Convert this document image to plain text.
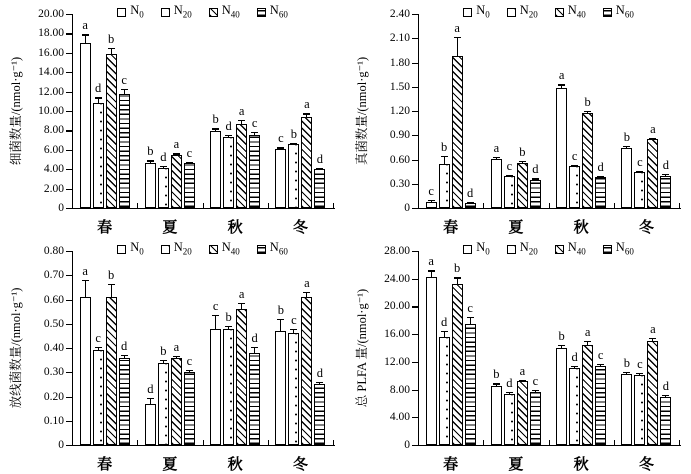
0
2.00
4.00
6.00
8.00
10.00
12.00
14.00
16.00
18.00
20.00
细菌数量/(nmol·g⁻¹)
$N_0$ $N_{20}$ $N_{40}$ $N_{60}$
a
d
b
c
春
b d
a
c
夏
b d
a
c
秋
c b
a
d
冬
0
0.30
0.60
0.90
1.20
1.50
1.80
2.10
2.40
真菌数量/(nmol·g⁻¹)
$N_0$ $N_{20}$ $N_{40}$ $N_{60}$
c
b
a
d
春
a
c
b
d
夏
a
c
b
d
秋
b
c
a
d
冬
0
0.10
0.20
0.30
0.40
0.50
0.60
0.70
0.80
放线菌数量/(nmol·g⁻¹)
$N_0$ $N_{20}$ $N_{40}$ $N_{60}$
a
c
b
d
春
d
b a
c
夏
c
b
a
d
秋
b
c
a
d
冬
0
4.00
8.00
12.00
16.00
20.00
24.00
28.00
总 PLFA 量/(nmol·g⁻¹)
$N_0$ $N_{20}$ $N_{40}$ $N_{60}$
a
d
b
c
春
b
d
a
c
夏
b
d
a
c
秋
b c
a
d
冬
